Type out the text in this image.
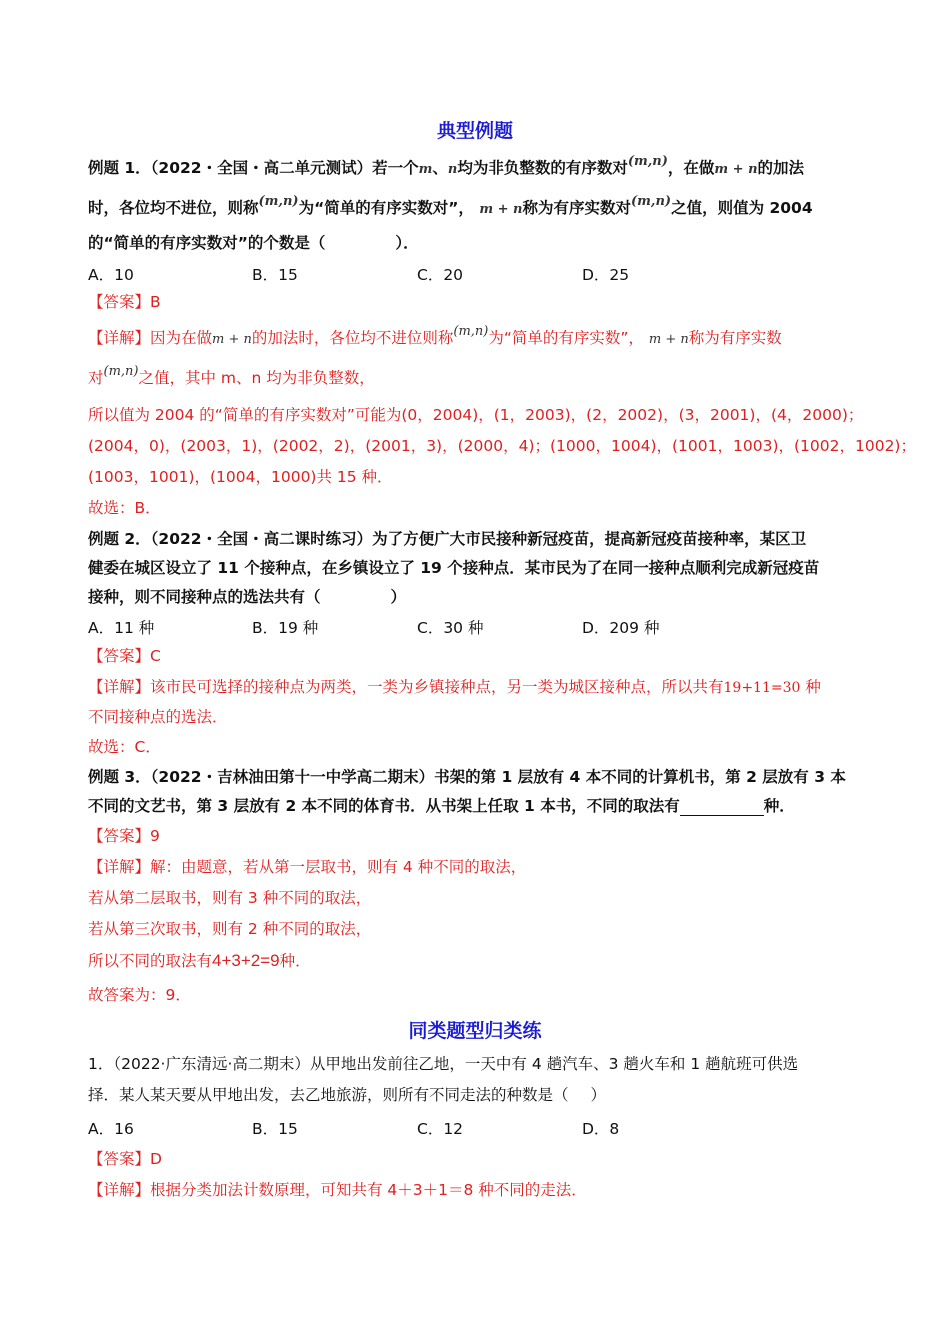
典型例题
例题 1．（2022・全国・高二单元测试）若一个m、n均为非负整数的有序数对$^{(m,n)}$，在做m + n的加法
时，各位均不进位，则称$^{(m,n)}$为“简单的有序实数对”， m + n称为有序实数对$^{(m,n)}$之值，则值为 2004
的“简单的有序实数对”的个数是（	）．
A．10	B．15	C．20	D．25
【答案】B
【详解】因为在做m + n的加法时，各位均不进位则称$^{(m,n)}$为“简单的有序实数”， m + n称为有序实数
对$^{(m,n)}$之值，其中 m、n 均为非负整数，
所以值为 2004 的“简单的有序实数对”可能为(0，2004)，(1，2003)，(2，2002)，(3，2001)，(4，2000)；
(2004，0)，(2003，1)，(2002，2)，(2001，3)，(2000，4)；(1000，1004)，(1001，1003)，(1002，1002)；
(1003，1001)，(1004，1000)共 15 种．
故选：B．
例题 2．（2022・全国・高二课时练习）为了方便广大市民接种新冠疫苗，提高新冠疫苗接种率，某区卫
健委在城区设立了 11 个接种点，在乡镇设立了 19 个接种点．某市民为了在同一接种点顺利完成新冠疫苗
接种，则不同接种点的选法共有（	）
A．11 种	B．19 种	C．30 种	D．209 种
【答案】C
【详解】该市民可选择的接种点为两类，一类为乡镇接种点，另一类为城区接种点，所以共有19+11=30 种
不同接种点的选法．
故选：C．
例题 3．（2022・吉林油田第十一中学高二期末）书架的第 1 层放有 4 本不同的计算机书，第 2 层放有 3 本
不同的文艺书，第 3 层放有 2 本不同的体育书．从书架上任取 1 本书，不同的取法有	种．
【答案】9
【详解】解：由题意，若从第一层取书，则有 4 种不同的取法，
若从第二层取书，则有 3 种不同的取法，
若从第三次取书，则有 2 种不同的取法，
所以不同的取法有4+3+2=9种．
故答案为：9．
同类题型归类练
1．（2022·广东清远·高二期末）从甲地出发前往乙地，一天中有 4 趟汽车、3 趟火车和 1 趟航班可供选
择．某人某天要从甲地出发，去乙地旅游，则所有不同走法的种数是（ ）
A．16	B．15	C．12	D．8
【答案】D
【详解】根据分类加法计数原理，可知共有 4＋3＋1＝8 种不同的走法．
